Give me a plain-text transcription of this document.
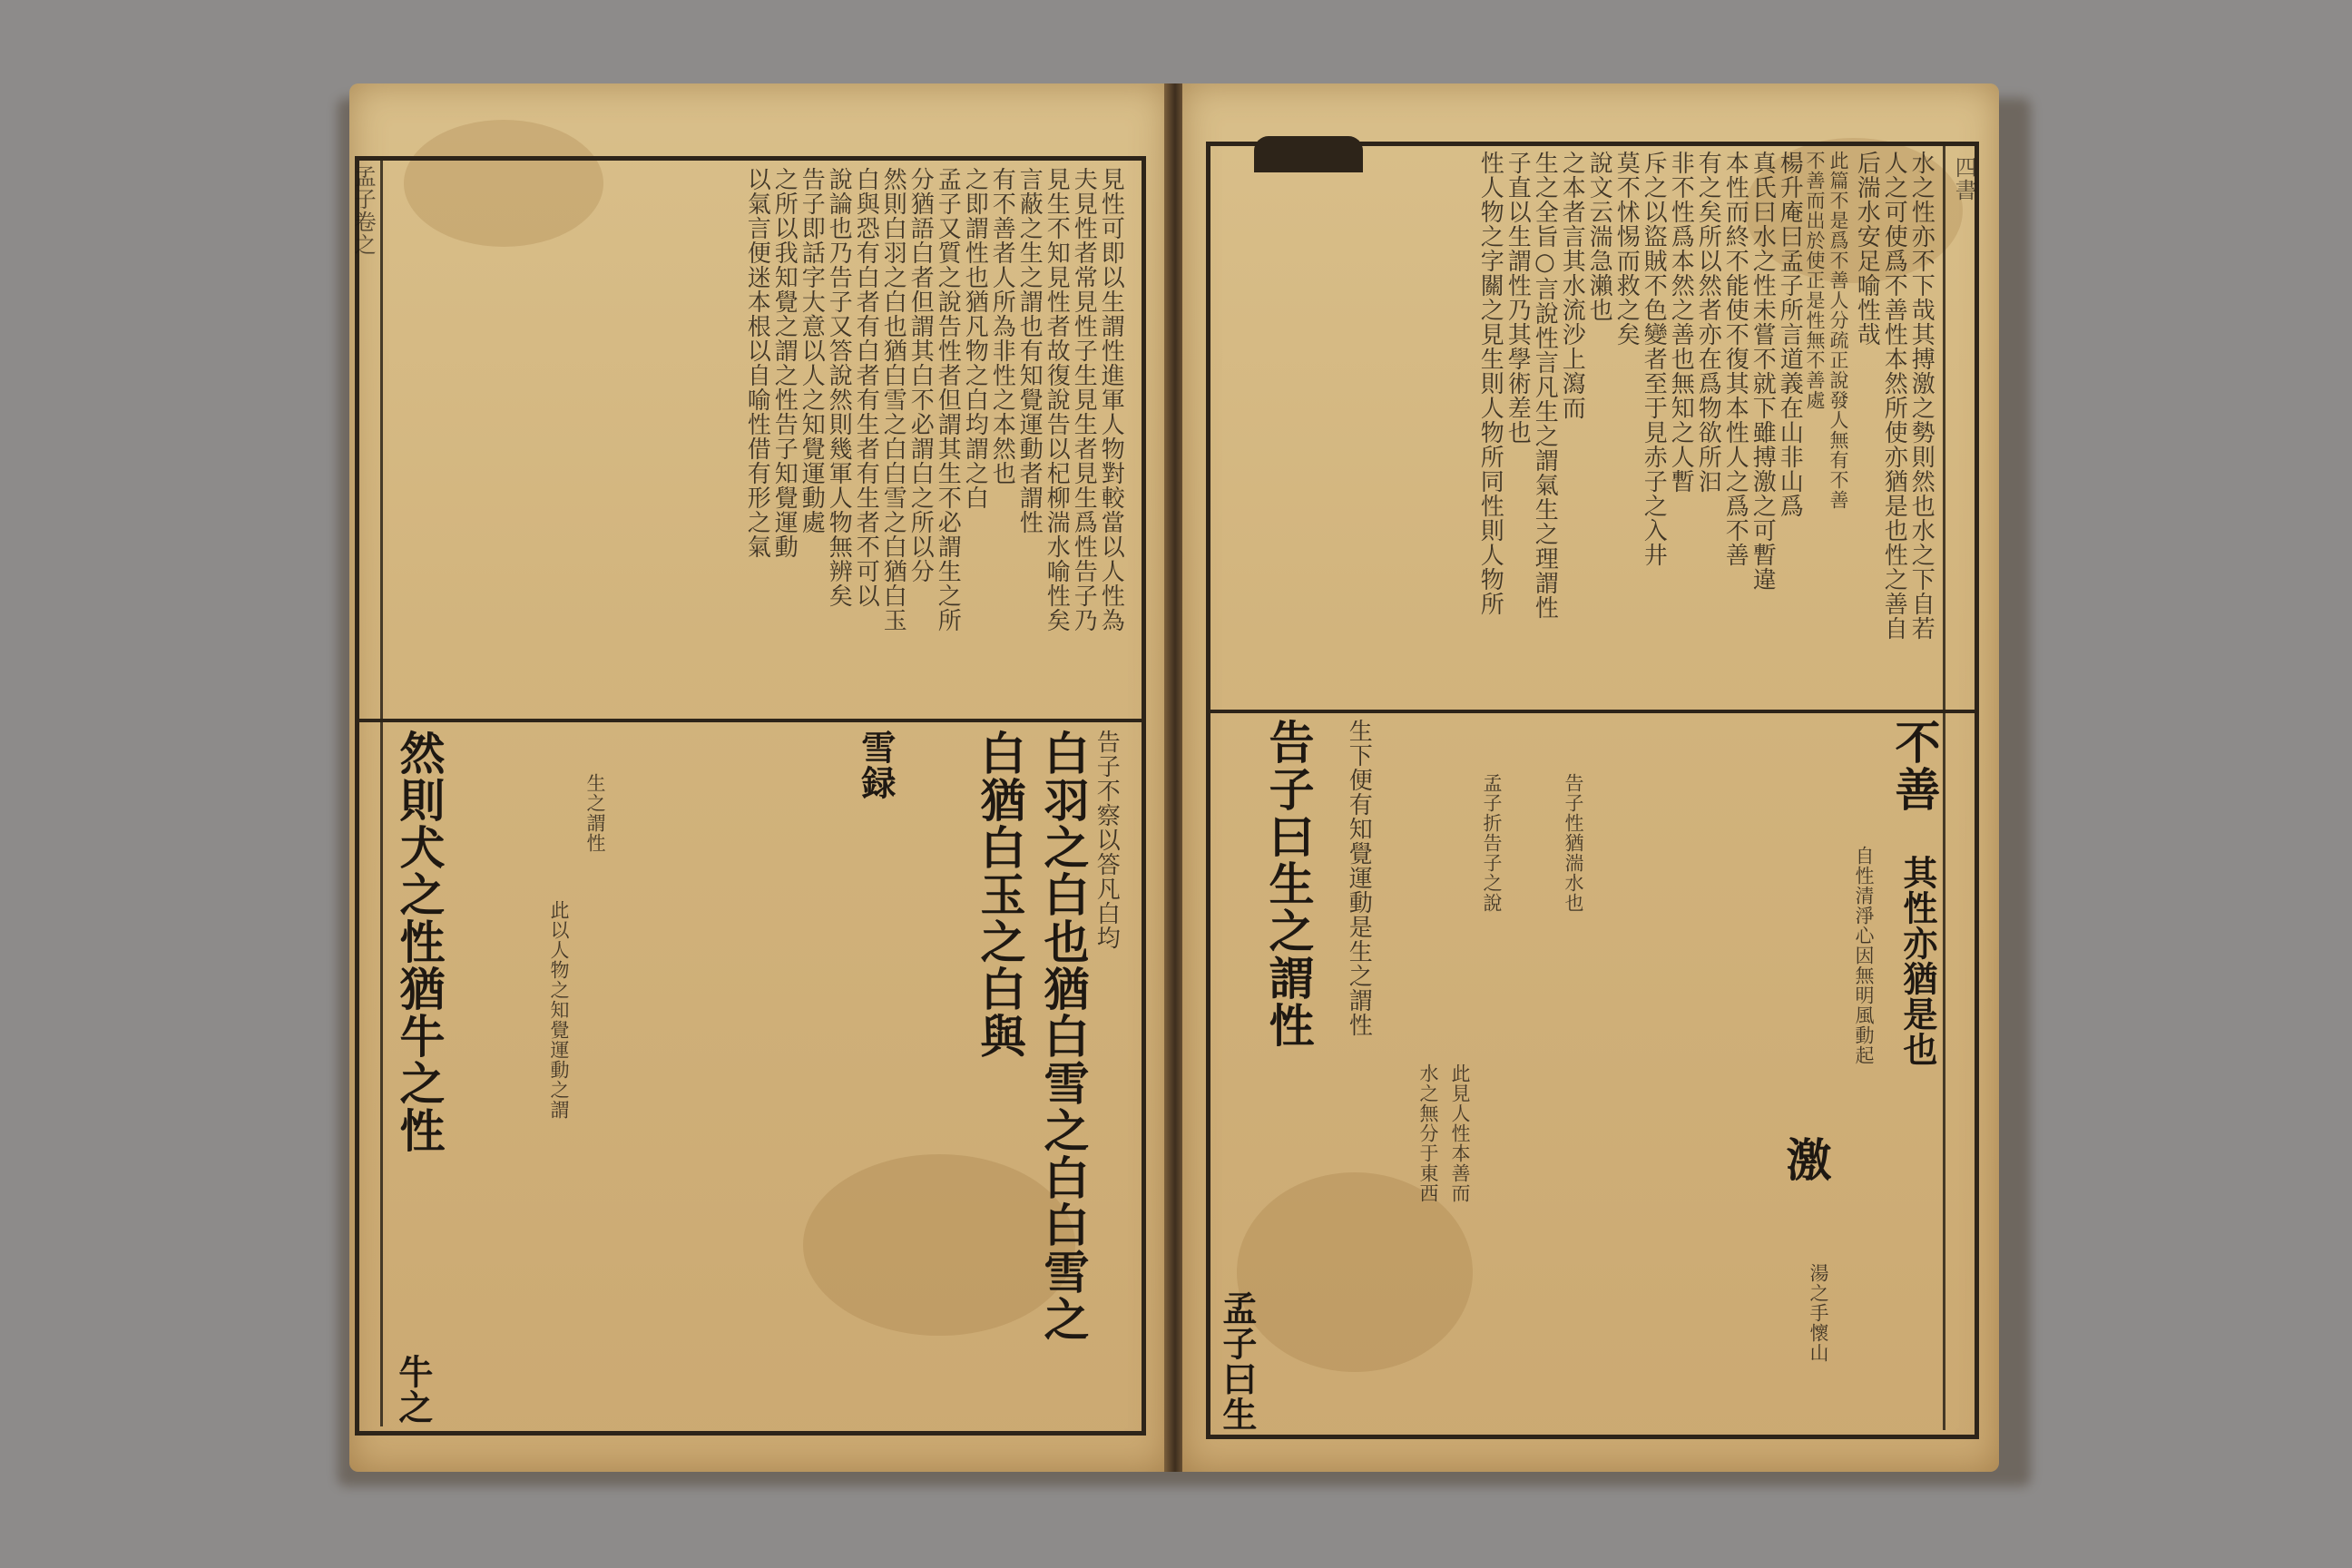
孟子卷之	見性可即以生謂性進軍人物對較當以人性為
夫見性者常見性子生見生者見生爲性告子乃
見生不知見性者故復說告以杞柳湍水喻性矣
言蔽之生之謂也有知覺運動者謂性
有不善者人所為非性之本然也
之即謂性也猶凡物之白均謂之白
孟子又質之說告性者但謂其生不必謂生之所
分猶語白者但謂其白不必謂白之所以分
然則白羽之白也猶白雪之白白雪之白猶白玉
白與恐有白者有白者有生者有生者不可以
說論也乃告子又答說然則幾軍人物無辨矣
告子即話字大意以人之知覺運動處
之所以我知覺之謂之性告子知覺運動
以氣言便迷本根以自喻性借有形之氣
告子不察以答凡白均
白羽之白也猶白雪之白白雪之
白猶白玉之白與
雪録
生之謂性
此以人物之知覺運動之謂
然則犬之性猶牛之性
牛之
四書
水之性亦不下哉其搏激之勢則然也水之下自若
人之可使爲不善性本然所使亦猶是也性之善自
后湍水安足喻性哉
此篇不是爲不善人分疏正說發人無有不善
不善而出於使正是性無不善處
楊升庵曰孟子所言道義在山非山爲
真氏曰水之性未嘗不就下雖搏激之可暫違
本性而終不能使不復其本性人之爲不善
有之矣所以然者亦在爲物欲所汩
非不性爲本然之善也無知之人暫
斥之以盜賊不色變者至于見赤子之入井
莫不怵惕而救之矣
說文云湍急瀨也
之本者言其水流沙上瀉而
生之全旨○言說性言凡生之謂氣生之理謂性
子直以生謂性乃其學術差也
性人物之字關之見生則人物所同性則人物所
不善
其性亦猶是也
自性清淨心因無明風動起
激
湯之手懷山
告子性猶湍水也
孟子折告子之說
此見人性本善而
水之無分于東西
生下便有知覺運動是生之謂性
告子曰生之謂性
孟子曰生
